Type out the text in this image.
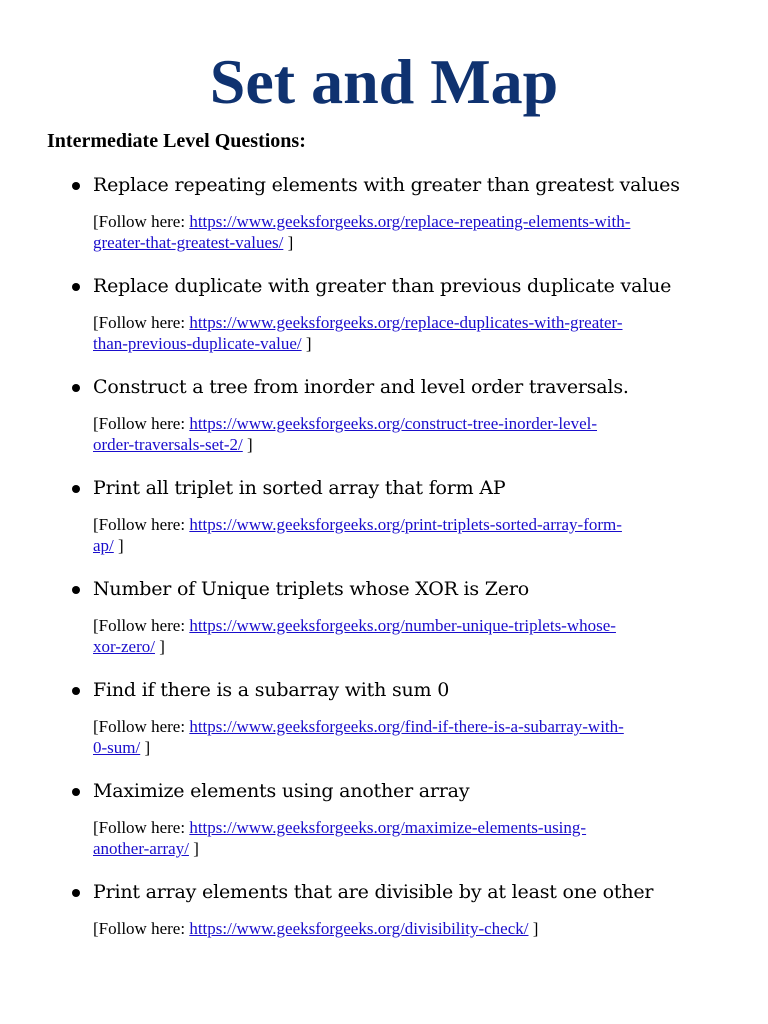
Set and Map
Intermediate Level Questions:
Replace repeating elements with greater than greatest values
[Follow here: https://www.geeksforgeeks.org/replace-repeating-elements-with-
greater-that-greatest-values/ ]
Replace duplicate with greater than previous duplicate value
[Follow here: https://www.geeksforgeeks.org/replace-duplicates-with-greater-
than-previous-duplicate-value/ ]
Construct a tree from inorder and level order traversals.
[Follow here: https://www.geeksforgeeks.org/construct-tree-inorder-level-
order-traversals-set-2/ ]
Print all triplet in sorted array that form AP
[Follow here: https://www.geeksforgeeks.org/print-triplets-sorted-array-form-
ap/ ]
Number of Unique triplets whose XOR is Zero
[Follow here: https://www.geeksforgeeks.org/number-unique-triplets-whose-
xor-zero/ ]
Find if there is a subarray with sum 0
[Follow here: https://www.geeksforgeeks.org/find-if-there-is-a-subarray-with-
0-sum/ ]
Maximize elements using another array
[Follow here: https://www.geeksforgeeks.org/maximize-elements-using-
another-array/ ]
Print array elements that are divisible by at least one other
[Follow here: https://www.geeksforgeeks.org/divisibility-check/ ]
